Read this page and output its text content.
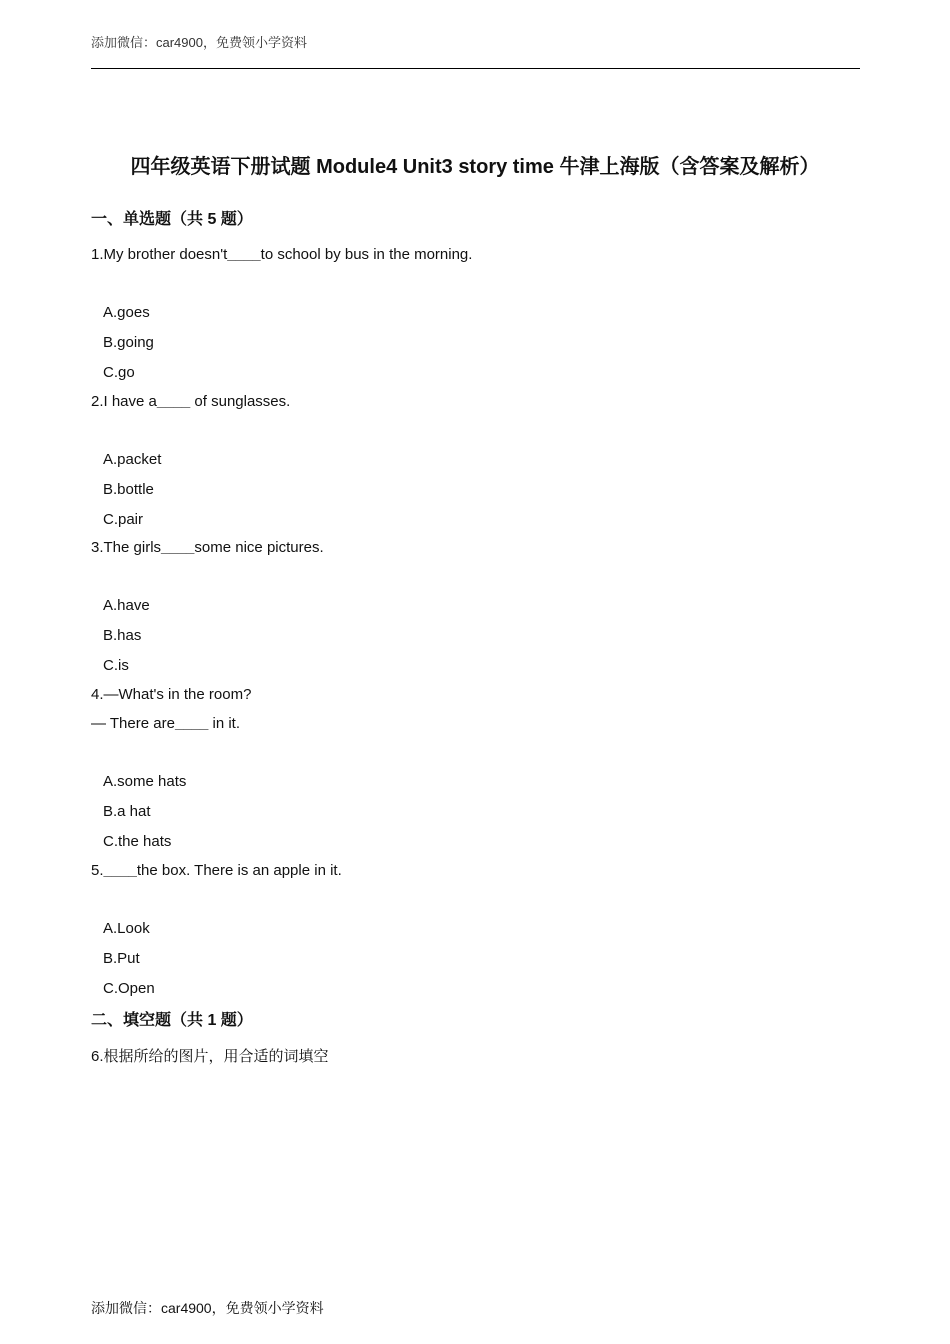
添加微信：car4900，免费领小学资料
四年级英语下册试题 Module4 Unit3 story time 牛津上海版（含答案及解析）
一、单选题（共 5 题）
1.My brother doesn't____to school by bus in the morning.
A.goes
B.going
C.go
2.I have a____ of sunglasses.
A.packet
B.bottle
C.pair
3.The girls____some nice pictures.
A.have
B.has
C.is
4.—What's in the room?
— There are____ in it.
A.some hats
B.a hat
C.the hats
5.____the box. There is an apple in it.
A.Look
B.Put
C.Open
二、填空题（共 1 题）
6.根据所给的图片，用合适的词填空
添加微信：car4900，免费领小学资料
